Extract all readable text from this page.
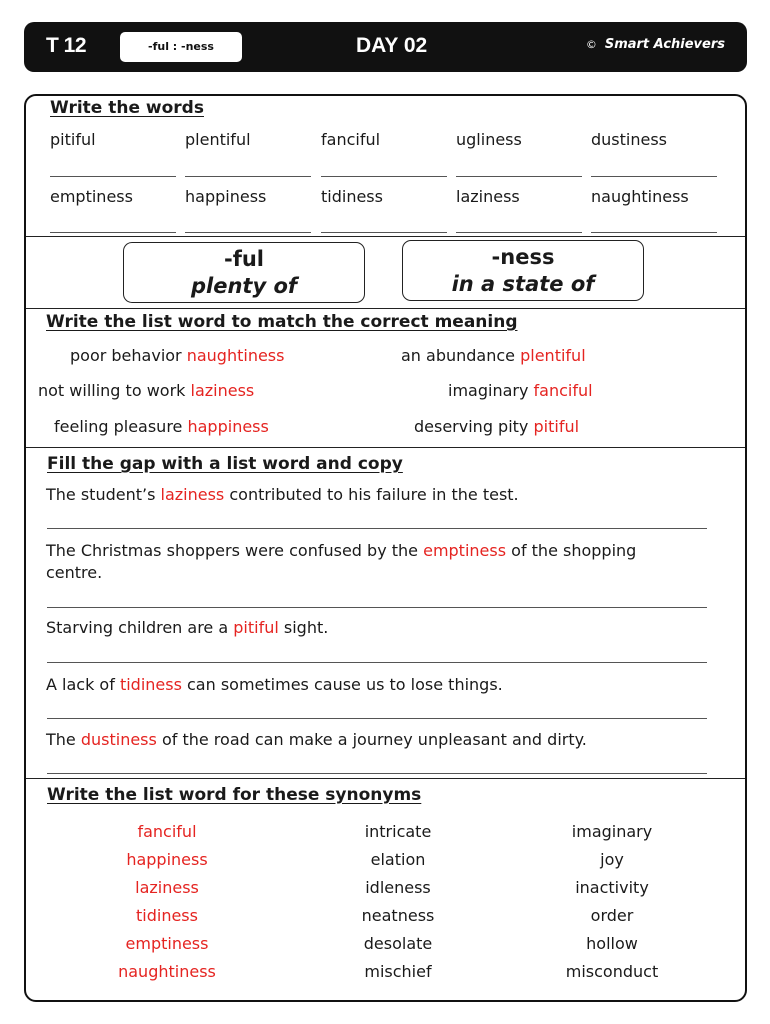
T 12	-ful : -ness	DAY 02	© Smart Achievers
Write the words
pitiful	plentiful	fanciful	ugliness	dustiness
emptiness	happiness	tidiness	laziness	naughtiness
-ful
plenty of
-ness
in a state of
Write the list word to match the correct meaning
poor behavior naughtiness	an abundance plentiful
not willing to work laziness	imaginary fanciful
feeling pleasure happiness	deserving pity pitiful
Fill the gap with a list word and copy
The student’s laziness contributed to his failure in the test.
The Christmas shoppers were confused by the emptiness of the shopping
centre.
Starving children are a pitiful sight.
A lack of tidiness can sometimes cause us to lose things.
The dustiness of the road can make a journey unpleasant and dirty.
Write the list word for these synonyms
fanciful	intricate	imaginary
happiness	elation	joy
laziness	idleness	inactivity
tidiness	neatness	order
emptiness	desolate	hollow
naughtiness	mischief	misconduct
